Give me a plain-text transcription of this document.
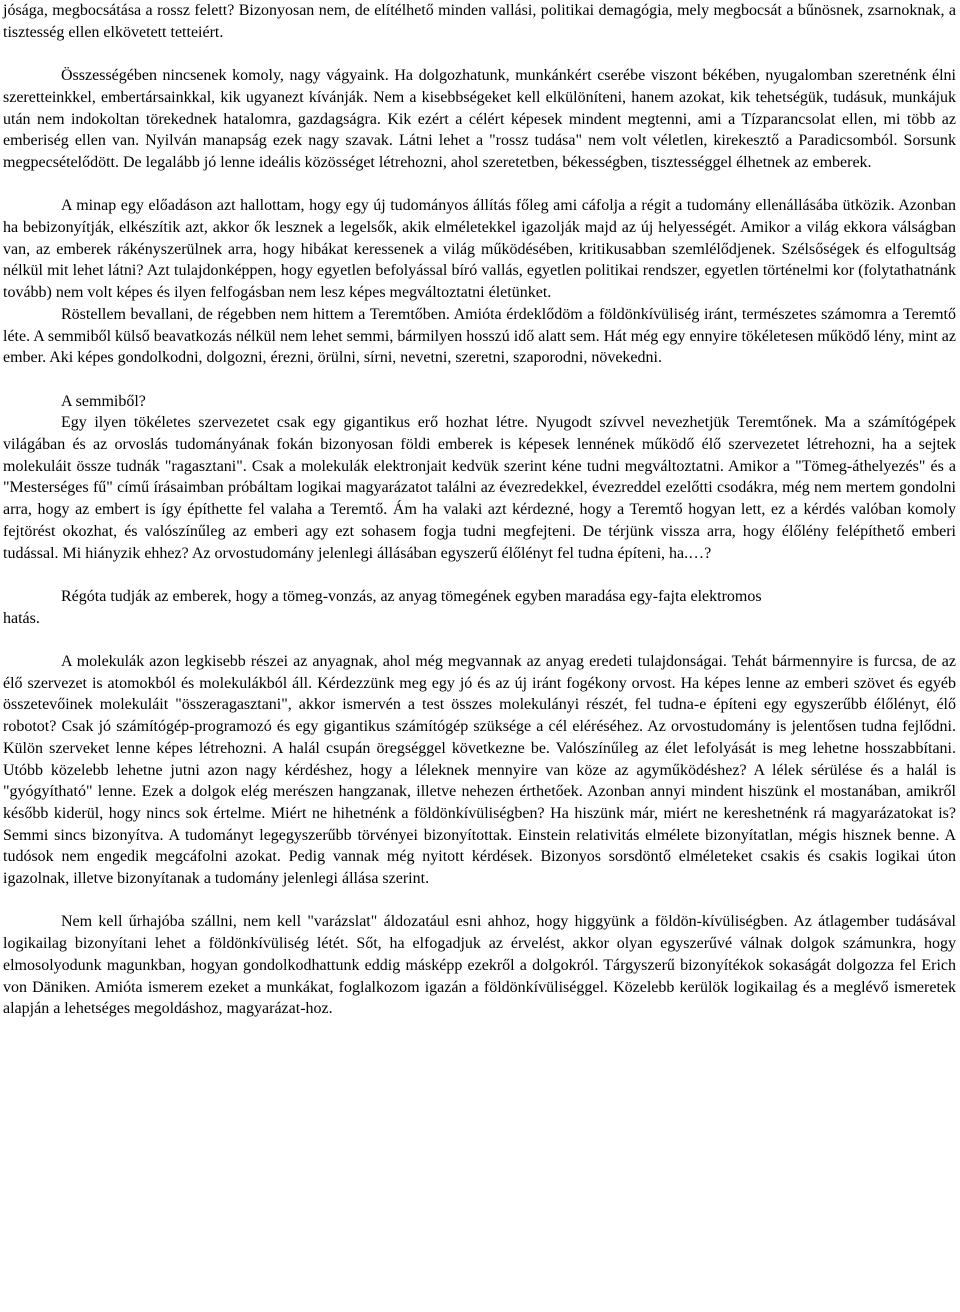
jósága, megbocsátása a rossz felett? Bizonyosan nem, de elítélhető minden vallási, politikai demagógia, mely megbocsát a bűnösnek, zsarnoknak, a tisztesség ellen elkövetett tetteiért.

Összességében nincsenek komoly, nagy vágyaink. Ha dolgozhatunk, munkánkért cserébe viszont békében, nyugalomban szeretnénk élni szeretteinkkel, embertársainkkal, kik ugyanezt kívánják. Nem a kisebbségeket kell elkülöníteni, hanem azokat, kik tehetségük, tudásuk, munkájuk után nem indokoltan törekednek hatalomra, gazdagságra. Kik ezért a célért képesek mindent megtenni, ami a Tízparancsolat ellen, mi több az emberiség ellen van. Nyilván manapság ezek nagy szavak. Látni lehet a "rossz tudása" nem volt véletlen, kirekesztő a Paradicsomból. Sorsunk megpecsételődött. De legalább jó lenne ideális közösséget létrehozni, ahol szeretetben, békességben, tisztességgel élhetnek az emberek.

A minap egy előadáson azt hallottam, hogy egy új tudományos állítás főleg ami cáfolja a régit a tudomány ellenállásába ütközik. Azonban ha bebizonyítják, elkészítik azt, akkor ők lesznek a legelsők, akik elméletekkel igazolják majd az új helyességét. Amikor a világ ekkora válságban van, az emberek rákényszerülnek arra, hogy hibákat keressenek a világ működésében, kritikusabban szemlélődjenek. Szélsőségek és elfogultság nélkül mit lehet látni? Azt tulajdonképpen, hogy egyetlen befolyással bíró vallás, egyetlen politikai rendszer, egyetlen történelmi kor (folytathatnánk tovább) nem volt képes és ilyen felfogásban nem lesz képes megváltoztatni életünket.

Röstellem bevallani, de régebben nem hittem a Teremtőben. Amióta érdeklődöm a földönkívüliség iránt, természetes számomra a Teremtő léte. A semmiből külső beavatkozás nélkül nem lehet semmi, bármilyen hosszú idő alatt sem. Hát még egy ennyire tökéletesen működő lény, mint az ember. Aki képes gondolkodni, dolgozni, érezni, örülni, sírni, nevetni, szeretni, szaporodni, növekedni.

A semmiből?

Egy ilyen tökéletes szervezetet csak egy gigantikus erő hozhat létre. Nyugodt szívvel nevezhetjük Teremtőnek. Ma a számítógépek világában és az orvoslás tudományának fokán bizonyosan földi emberek is képesek lennének működő élő szervezetet létrehozni, ha a sejtek molekuláit össze tudnák "ragasztani". Csak a molekulák elektronjait kedvük szerint kéne tudni megváltoztatni. Amikor a "Tömeg-áthelyezés" és a "Mesterséges fű" című írásaimban próbáltam logikai magyarázatot találni az évezredekkel, évezreddel ezelőtti csodákra, még nem mertem gondolni arra, hogy az embert is így építhette fel valaha a Teremtő. Ám ha valaki azt kérdezné, hogy a Teremtő hogyan lett, ez a kérdés valóban komoly fejtörést okozhat, és valószínűleg az emberi agy ezt sohasem fogja tudni megfejteni. De térjünk vissza arra, hogy élőlény felépíthető emberi tudással. Mi hiányzik ehhez? Az orvostudomány jelenlegi állásában egyszerű élőlényt fel tudna építeni, ha.…?

Régóta tudják az emberek, hogy a tömeg-vonzás, az anyag tömegének egyben maradása egy-fajta elektromos

hatás.

A molekulák azon legkisebb részei az anyagnak, ahol még megvannak az anyag eredeti tulajdonságai. Tehát bármennyire is furcsa, de az élő szervezet is atomokból és molekulákból áll. Kérdezzünk meg egy jó és az új iránt fogékony orvost. Ha képes lenne az emberi szövet és egyéb összetevőinek molekuláit "összeragasztani", akkor ismervén a test összes molekulányi részét, fel tudna-e építeni egy egyszerűbb élőlényt, élő robotot? Csak jó számítógép-programozó és egy gigantikus számítógép szüksége a cél eléréséhez. Az orvostudomány is jelentősen tudna fejlődni. Külön szerveket lenne képes létrehozni. A halál csupán öregséggel következne be. Valószínűleg az élet lefolyását is meg lehetne hosszabbítani. Utóbb közelebb lehetne jutni azon nagy kérdéshez, hogy a léleknek mennyire van köze az agyműködéshez? A lélek sérülése és a halál is "gyógyítható" lenne. Ezek a dolgok elég merészen hangzanak, illetve nehezen érthetőek. Azonban annyi mindent hiszünk el mostanában, amikről később kiderül, hogy nincs sok értelme. Miért ne hihetnénk a földönkívüliségben? Ha hiszünk már, miért ne kereshetnénk rá magyarázatokat is? Semmi sincs bizonyítva. A tudományt legegyszerűbb törvényei bizonyítottak. Einstein relativitás elmélete bizonyítatlan, mégis hisznek benne. A tudósok nem engedik megcáfolni azokat. Pedig vannak még nyitott kérdések. Bizonyos sorsdöntő elméleteket csakis és csakis logikai úton igazolnak, illetve bizonyítanak a tudomány jelenlegi állása szerint.

Nem kell űrhajóba szállni, nem kell "varázslat" áldozatául esni ahhoz, hogy higgyünk a földön-kívüliségben. Az átlagember tudásával logikailag bizonyítani lehet a földönkívüliség létét. Sőt, ha elfogadjuk az érvelést, akkor olyan egyszerűvé válnak dolgok számunkra, hogy elmosolyodunk magunkban, hogyan gondolkodhattunk eddig másképp ezekről a dolgokról. Tárgyszerű bizonyítékok sokaságát dolgozza fel Erich von Däniken. Amióta ismerem ezeket a munkákat, foglalkozom igazán a földönkívüliséggel. Közelebb kerülök logikailag és a meglévő ismeretek alapján a lehetséges megoldáshoz, magyarázat-hoz.
